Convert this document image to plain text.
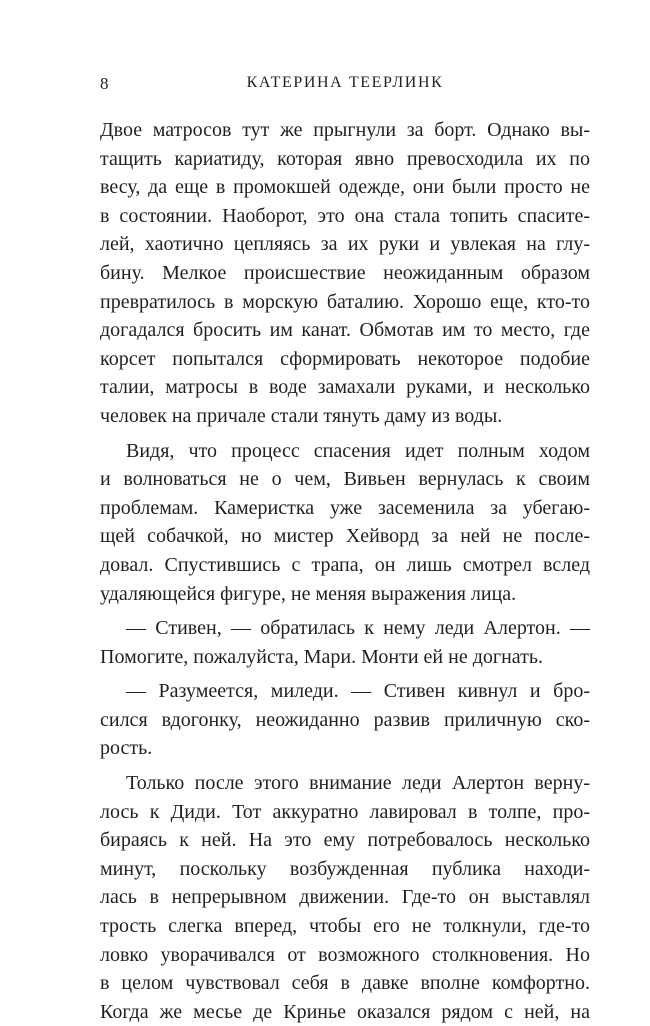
8	КАТЕРИНА ТЕЕРЛИНК
Двое матросов тут же прыгнули за борт. Однако вы-
тащить кариатиду, которая явно превосходила их по
весу, да еще в промокшей одежде, они были просто не
в состоянии. Наоборот, это она стала топить спасите-
лей, хаотично цепляясь за их руки и увлекая на глу-
бину. Мелкое происшествие неожиданным образом
превратилось в морскую баталию. Хорошо еще, кто-то
догадался бросить им канат. Обмотав им то место, где
корсет попытался сформировать некоторое подобие
талии, матросы в воде замахали руками, и несколько
человек на причале стали тянуть даму из воды.
Видя, что процесс спасения идет полным ходом
и волноваться не о чем, Вивьен вернулась к своим
проблемам. Камеристка уже засеменила за убегаю-
щей собачкой, но мистер Хейворд за ней не после-
довал. Спустившись с трапа, он лишь смотрел вслед
удаляющейся фигуре, не меняя выражения лица.
— Стивен, — обратилась к нему леди Алертон. —
Помогите, пожалуйста, Мари. Монти ей не догнать.
— Разумеется, миледи. — Стивен кивнул и бро-
сился вдогонку, неожиданно развив приличную ско-
рость.
Только после этого внимание леди Алертон верну-
лось к Диди. Тот аккуратно лавировал в толпе, про-
бираясь к ней. На это ему потребовалось несколько
минут, поскольку возбужденная публика находи-
лась в непрерывном движении. Где-то он выставлял
трость слегка вперед, чтобы его не толкнули, где-то
ловко уворачивался от возможного столкновения. Но
в целом чувствовал себя в давке вполне комфортно.
Когда же месье де Кринье оказался рядом с ней, на
